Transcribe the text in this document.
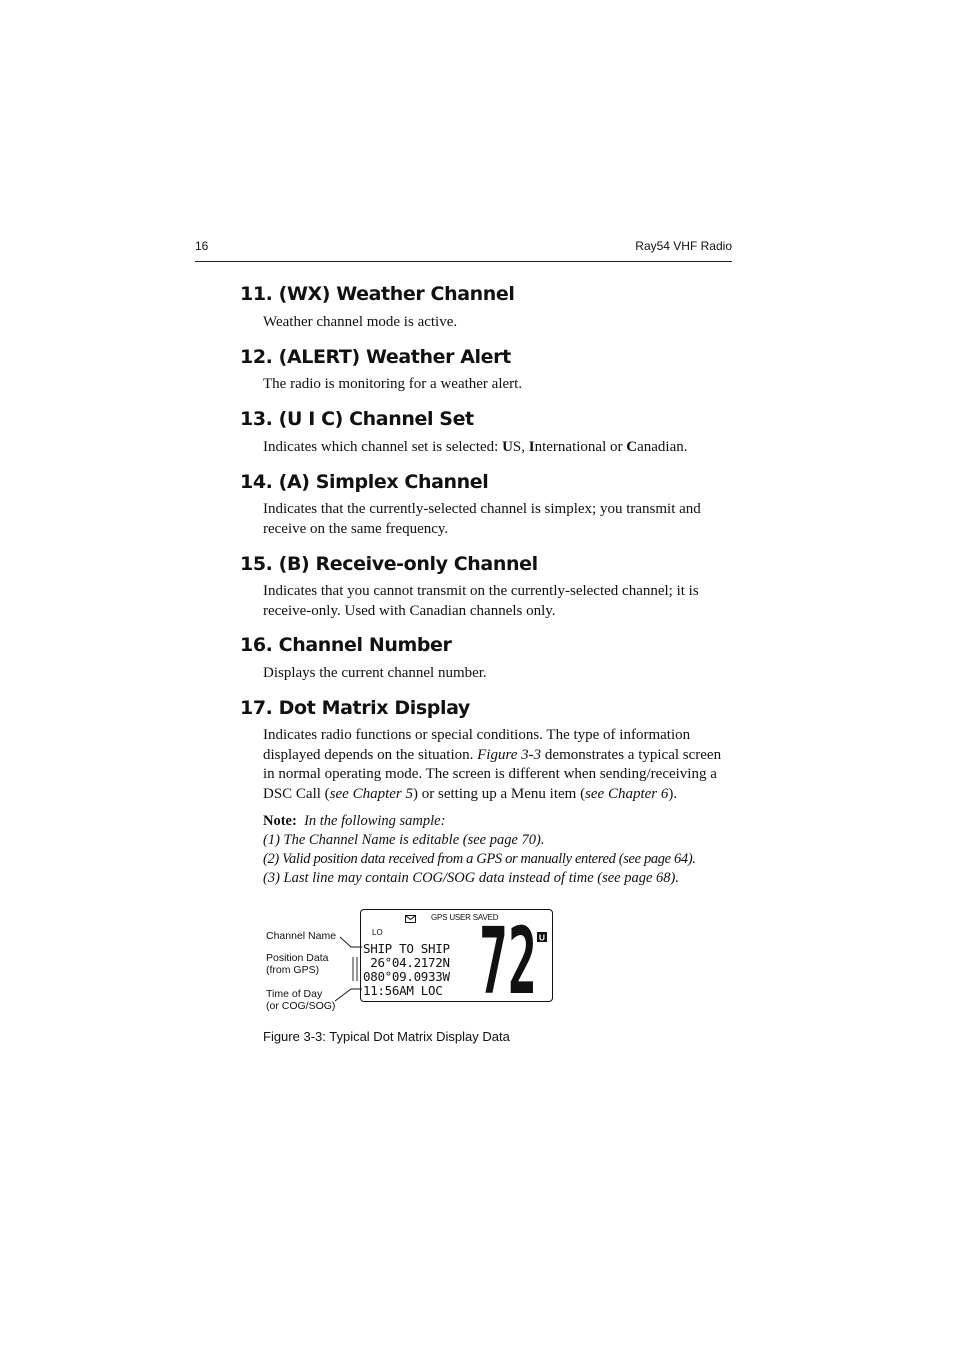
16	Ray54 VHF Radio
11. (WX) Weather Channel
Weather channel mode is active.
12. (ALERT) Weather Alert
The radio is monitoring for a weather alert.
13. (U I C) Channel Set
Indicates which channel set is selected: US, International or Canadian.
14. (A) Simplex Channel
Indicates that the currently-selected channel is simplex; you transmit and receive on the same frequency.
15. (B) Receive-only Channel
Indicates that you cannot transmit on the currently-selected channel; it is receive-only. Used with Canadian channels only.
16. Channel Number
Displays the current channel number.
17. Dot Matrix Display
Indicates radio functions or special conditions. The type of information displayed depends on the situation. Figure 3-3 demonstrates a typical screen in normal operating mode. The screen is different when sending/receiving a DSC Call (see Chapter 5) or setting up a Menu item (see Chapter 6).
Note: In the following sample:
(1) The Channel Name is editable (see page 70).
(2) Valid position data received from a GPS or manually entered (see page 64).
(3) Last line may contain COG/SOG data instead of time (see page 68).
Channel Name
Position Data
(from GPS)
Time of Day
(or COG/SOG)
GPS USER SAVED
LO	U
72
SHIP TO SHIP
26°04.2172N
080°09.0933W
11:56AM LOC
Figure 3-3: Typical Dot Matrix Display Data
